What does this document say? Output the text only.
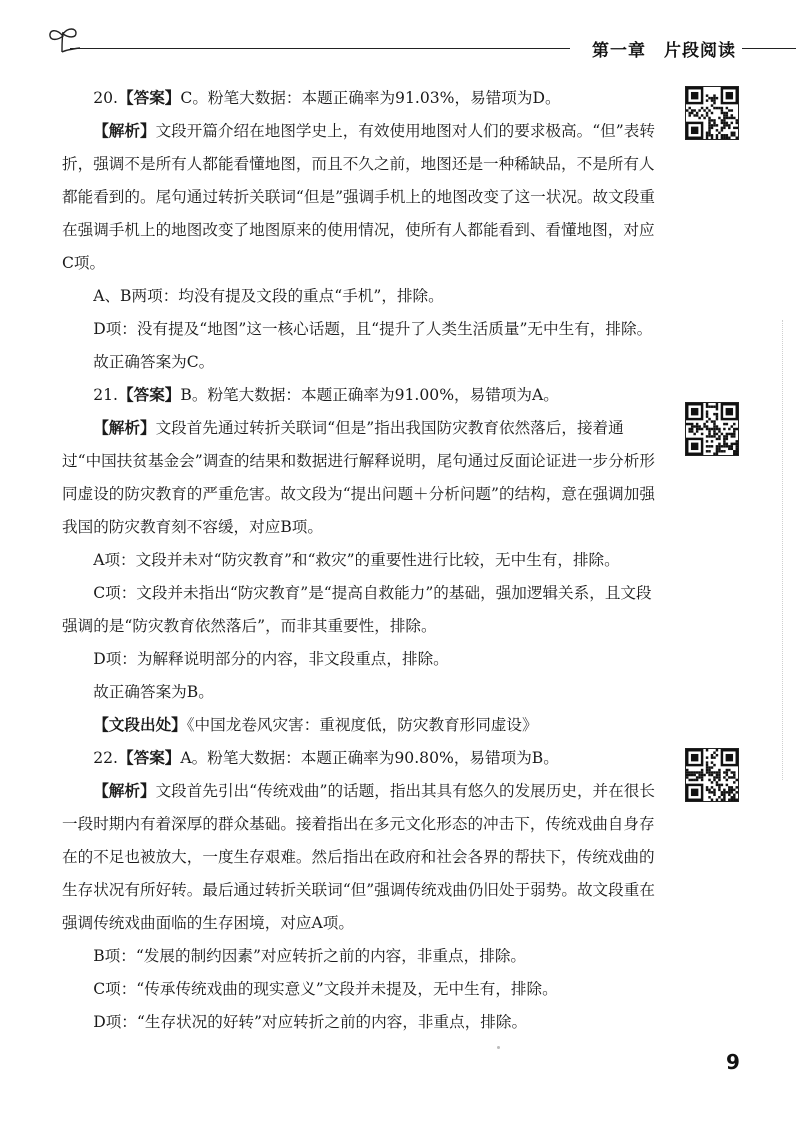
第一章 片段阅读

20.【答案】C。粉笔大数据：本题正确率为91.03%，易错项为D。

【解析】文段开篇介绍在地图学史上，有效使用地图对人们的要求极高。“但”表转折，强调不是所有人都能看懂地图，而且不久之前，地图还是一种稀缺品，不是所有人都能看到的。尾句通过转折关联词“但是”强调手机上的地图改变了这一状况。故文段重在强调手机上的地图改变了地图原来的使用情况，使所有人都能看到、看懂地图，对应C项。

A、B两项：均没有提及文段的重点“手机”，排除。

D项：没有提及“地图”这一核心话题，且“提升了人类生活质量”无中生有，排除。

故正确答案为C。

21.【答案】B。粉笔大数据：本题正确率为91.00%，易错项为A。

【解析】文段首先通过转折关联词“但是”指出我国防灾教育依然落后，接着通过“中国扶贫基金会”调查的结果和数据进行解释说明，尾句通过反面论证进一步分析形同虚设的防灾教育的严重危害。故文段为“提出问题＋分析问题”的结构，意在强调加强我国的防灾教育刻不容缓，对应B项。

A项：文段并未对“防灾教育”和“救灾”的重要性进行比较，无中生有，排除。

C项：文段并未指出“防灾教育”是“提高自救能力”的基础，强加逻辑关系，且文段强调的是“防灾教育依然落后”，而非其重要性，排除。

D项：为解释说明部分的内容，非文段重点，排除。

故正确答案为B。

【文段出处】《中国龙卷风灾害：重视度低，防灾教育形同虚设》

22.【答案】A。粉笔大数据：本题正确率为90.80%，易错项为B。

【解析】文段首先引出“传统戏曲”的话题，指出其具有悠久的发展历史，并在很长一段时期内有着深厚的群众基础。接着指出在多元文化形态的冲击下，传统戏曲自身存在的不足也被放大，一度生存艰难。然后指出在政府和社会各界的帮扶下，传统戏曲的生存状况有所好转。最后通过转折关联词“但”强调传统戏曲仍旧处于弱势。故文段重在强调传统戏曲面临的生存困境，对应A项。

B项：“发展的制约因素”对应转折之前的内容，非重点，排除。

C项：“传承传统戏曲的现实意义”文段并未提及，无中生有，排除。

D项：“生存状况的好转”对应转折之前的内容，非重点，排除。

9
